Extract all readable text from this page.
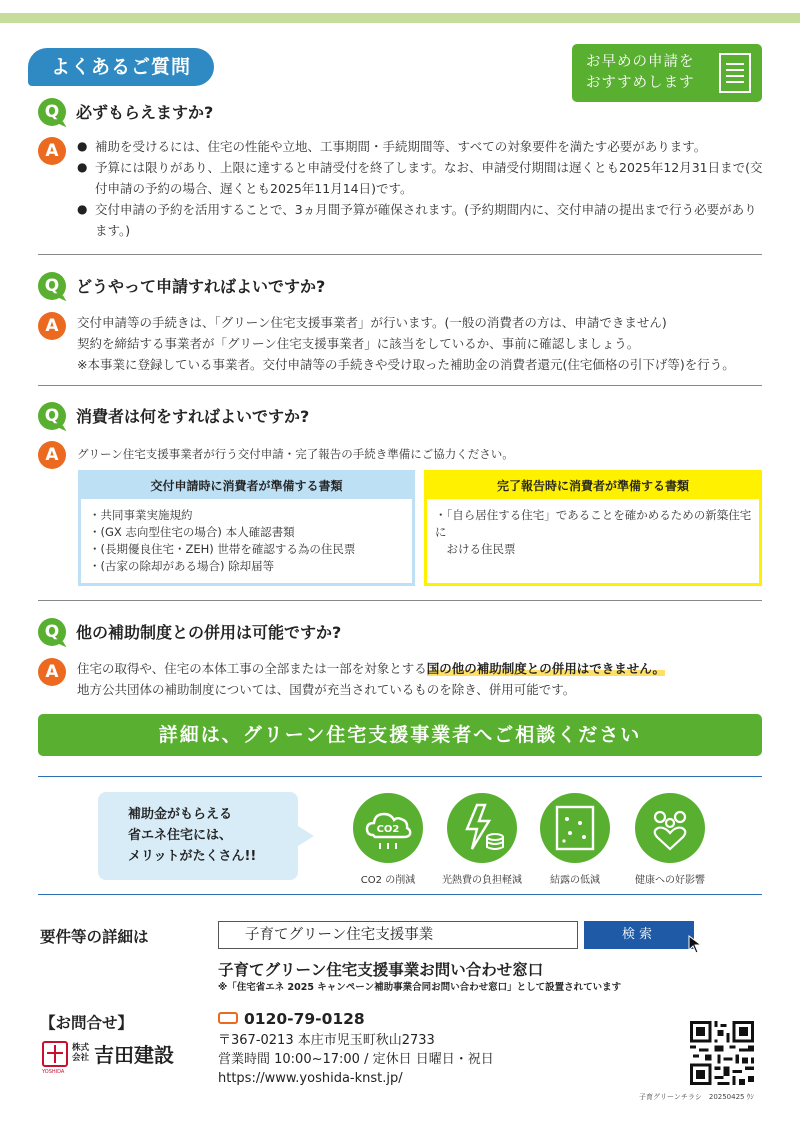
よくあるご質問	お早めの申請を
おすすめします
Q	必ずもらえますか?
A
●	補助を受けるには、住宅の性能や立地、工事期間・手続期間等、すべての対象要件を満たす必要があります。
● 予算には限りがあり、上限に達すると申請受付を終了します。なお、申請受付期間は遅くとも2025年12月31日まで(交付申請の予約の場合、遅くとも2025年11月14日)です。
● 交付申請の予約を活用することで、3ヵ月間予算が確保されます。(予約期間内に、交付申請の提出まで行う必要があります。)
Q	どうやって申請すればよいですか?
A	交付申請等の手続きは、「グリーン住宅支援事業者」が行います。(一般の消費者の方は、申請できません)
契約を締結する事業者が「グリーン住宅支援事業者」に該当をしているか、事前に確認しましょう。
※本事業に登録している事業者。交付申請等の手続きや受け取った補助金の消費者還元(住宅価格の引下げ等)を行う。
Q	消費者は何をすればよいですか?
A	グリーン住宅支援事業者が行う交付申請・完了報告の手続き準備にご協力ください。
交付申請時に消費者が準備する書類
・共同事業実施規約
・(GX 志向型住宅の場合) 本人確認書類
・(長期優良住宅・ZEH) 世帯を確認する為の住民票
・(古家の除却がある場合) 除却届等
完了報告時に消費者が準備する書類
・「自ら居住する住宅」であることを確かめるための新築住宅に
　おける住民票
Q	他の補助制度との併用は可能ですか?
A	住宅の取得や、住宅の本体工事の全部または一部を対象とする国の他の補助制度との併用はできません。
地方公共団体の補助制度については、国費が充当されているものを除き、併用可能です。
詳細は、グリーン住宅支援事業者へご相談ください
補助金がもらえる
省エネ住宅には、
メリットがたくさん!!
CO2
CO2 の削減	光熱費の負担軽減	結露の低減	健康への好影響
要件等の詳細は	子育てグリーン住宅支援事業	検索
子育てグリーン住宅支援事業お問い合わせ窓口
※「住宅省エネ 2025 キャンペーン補助事業合同お問い合わせ窓口」として設置されています
【お問合せ】
株式
会社 吉田建設
YOSHIDA
0120-79-0128
〒367-0213 本庄市児玉町秋山2733
営業時間 10:00~17:00 / 定休日 日曜日・祝日
https://www.yoshida-knst.jp/
子育グリーンチラシ　20250425 ｳｼ
